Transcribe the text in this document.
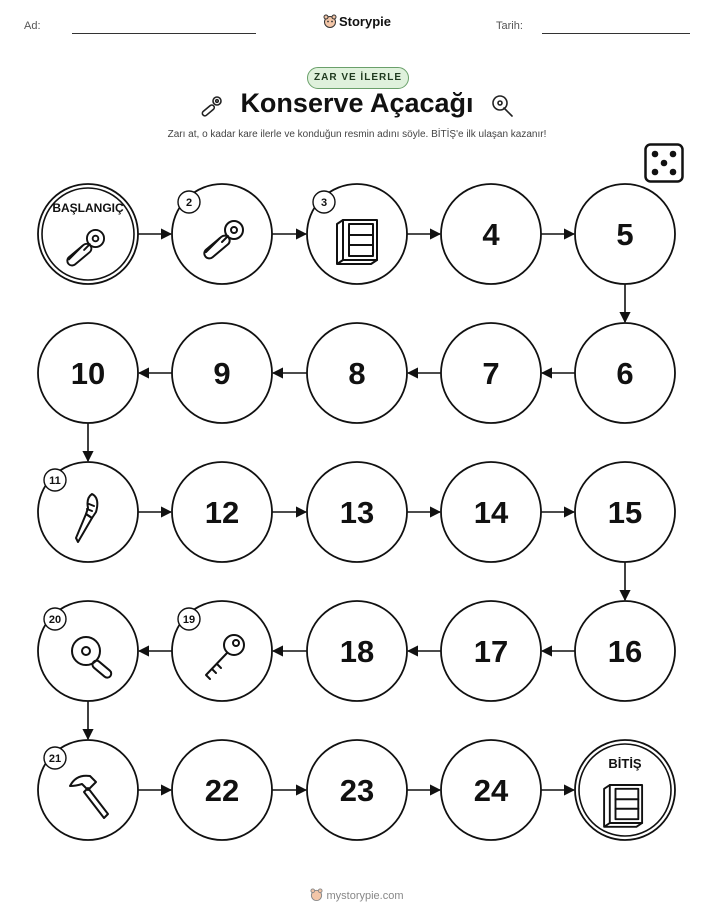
Ad:	Storypie	Tarih:
ZAR VE İLERLE
Konserve Açacağı
Zarı at, o kadar kare ilerle ve konduğun resmin adını söyle. BİTİŞ'e ilk ulaşan kazanır!
BAŞLANGIÇ	2	3
4	5
6
7
8
9
10
11
12	13	14	15
16
17
18
19
20
21
22	23	24
BİTİŞ
mystorypie.com
